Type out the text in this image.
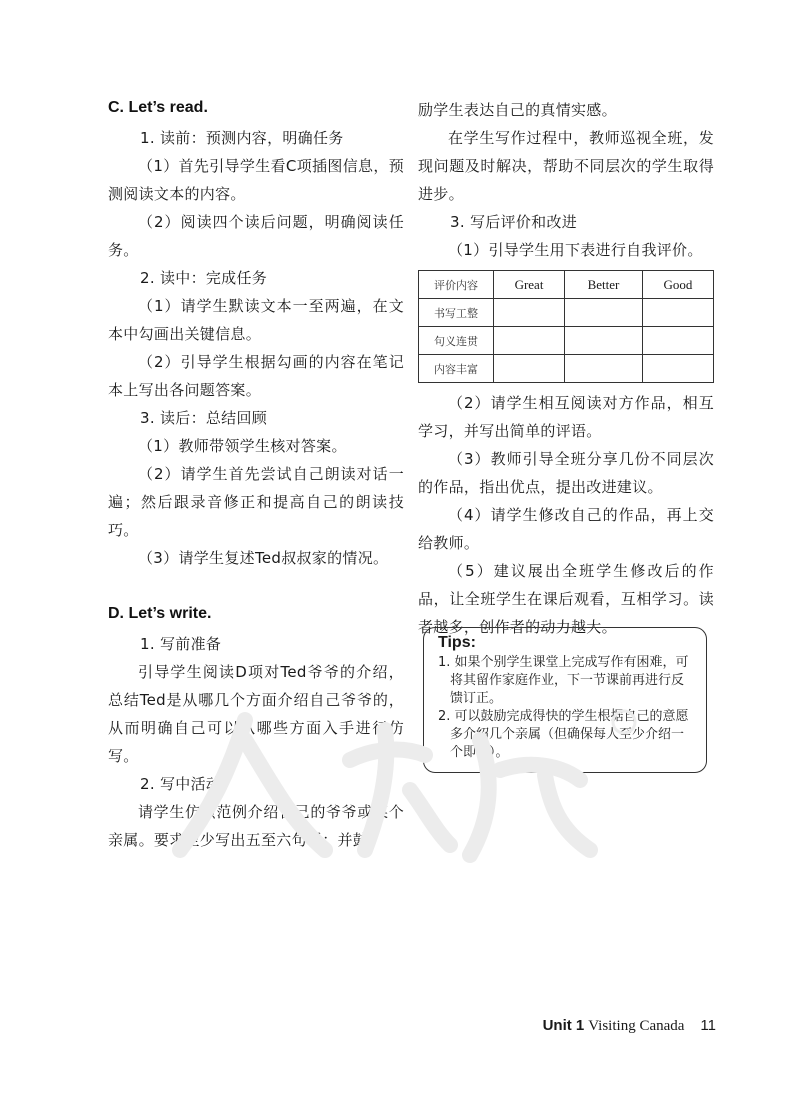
C. Let’s read.

1. 读前：预测内容，明确任务

（1）首先引导学生看C项插图信息，预测阅读文本的内容。

（2）阅读四个读后问题，明确阅读任务。

2. 读中：完成任务

（1）请学生默读文本一至两遍，在文本中勾画出关键信息。

（2）引导学生根据勾画的内容在笔记本上写出各问题答案。

3. 读后：总结回顾

（1）教师带领学生核对答案。

（2）请学生首先尝试自己朗读对话一遍；然后跟录音修正和提高自己的朗读技巧。

（3）请学生复述Ted叔叔家的情况。

D. Let’s write.

1. 写前准备

引导学生阅读D项对Ted爷爷的介绍，总结Ted是从哪几个方面介绍自己爷爷的，从而明确自己可以从哪些方面入手进行仿写。

2. 写中活动

请学生仿照范例介绍自己的爷爷或某个亲属。要求至少写出五至六句话；并鼓

励学生表达自己的真情实感。

在学生写作过程中，教师巡视全班，发现问题及时解决，帮助不同层次的学生取得进步。

3. 写后评价和改进

（1）引导学生用下表进行自我评价。

评价内容	Great	Better	Good
书写工整			
句义连贯			
内容丰富			

（2）请学生相互阅读对方作品，相互学习，并写出简单的评语。

（3）教师引导全班分享几份不同层次的作品，指出优点，提出改进建议。

（4）请学生修改自己的作品，再上交给教师。

（5）建议展出全班学生修改后的作品，让全班学生在课后观看，互相学习。读者越多，创作者的动力越大。

Tips:

1. 如果个别学生课堂上完成写作有困难，可将其留作家庭作业，下一节课前再进行反馈订正。

2. 可以鼓励完成得快的学生根据自己的意愿多介绍几个亲属（但确保每人至少介绍一个即可）。

Unit 1 Visiting Canada 11
